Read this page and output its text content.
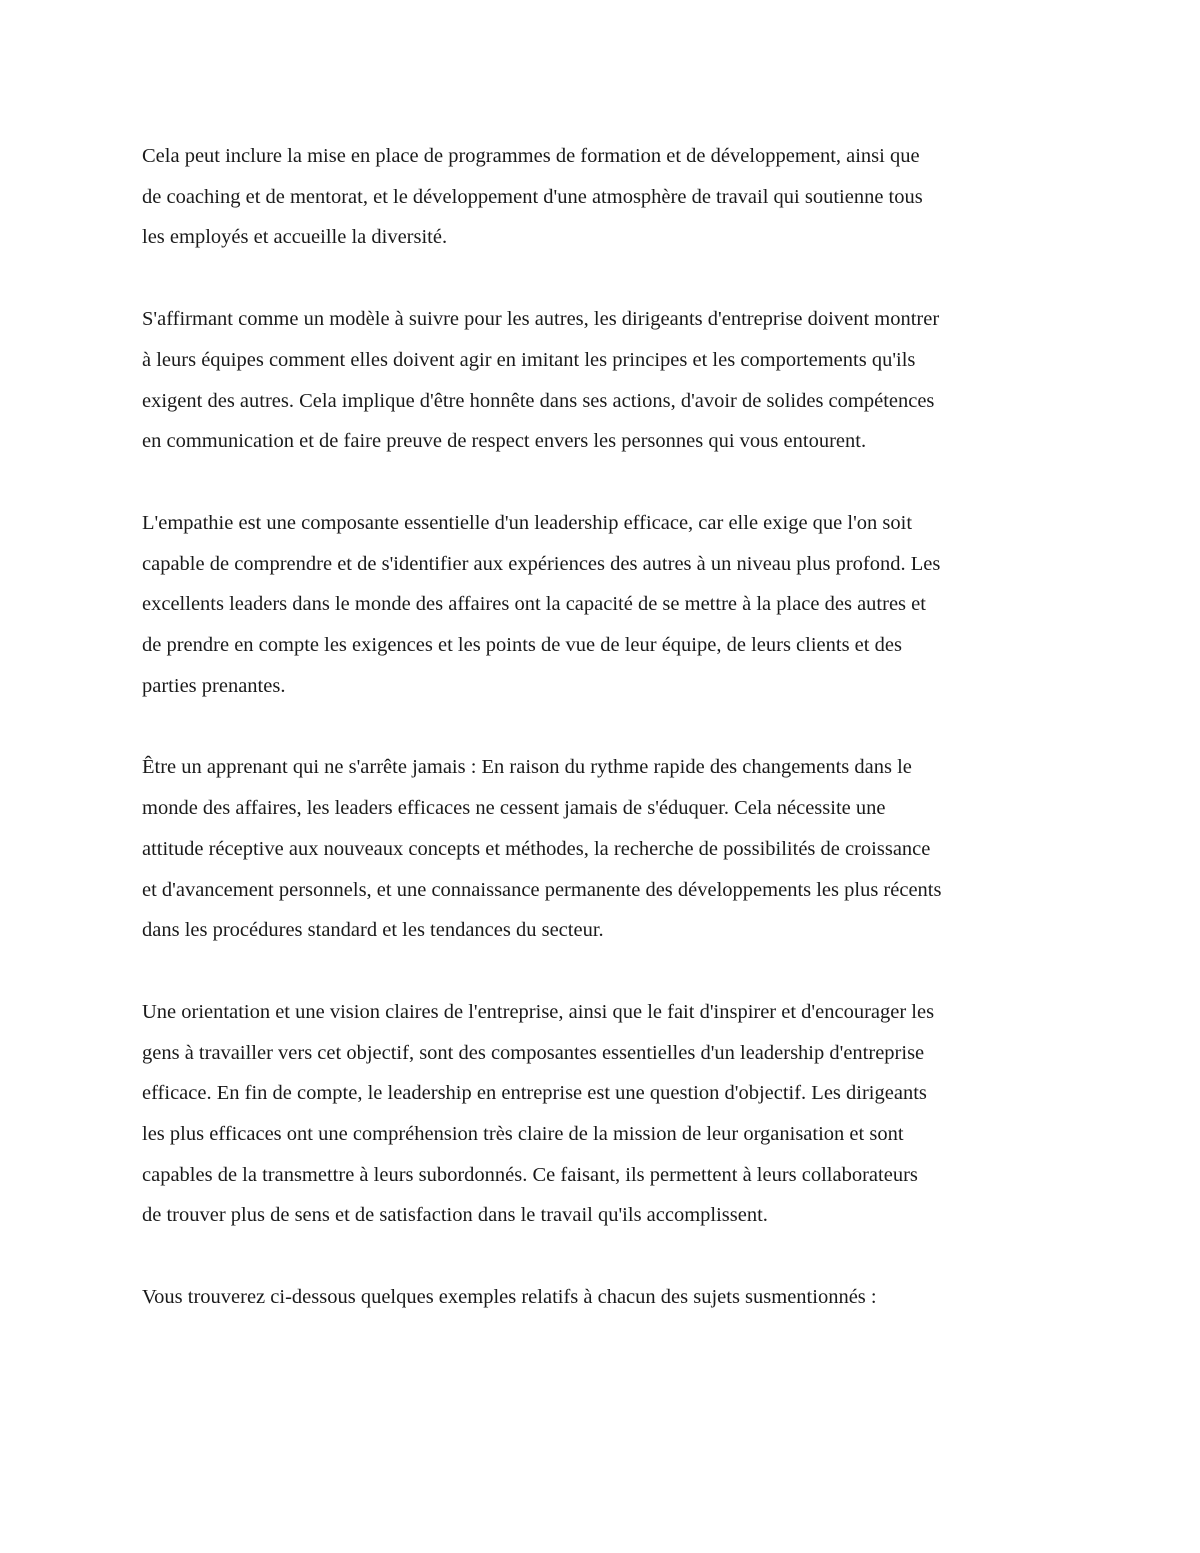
Cela peut inclure la mise en place de programmes de formation et de développement, ainsi que
de coaching et de mentorat, et le développement d'une atmosphère de travail qui soutienne tous
les employés et accueille la diversité.

S'affirmant comme un modèle à suivre pour les autres, les dirigeants d'entreprise doivent montrer
à leurs équipes comment elles doivent agir en imitant les principes et les comportements qu'ils
exigent des autres. Cela implique d'être honnête dans ses actions, d'avoir de solides compétences
en communication et de faire preuve de respect envers les personnes qui vous entourent.

L'empathie est une composante essentielle d'un leadership efficace, car elle exige que l'on soit
capable de comprendre et de s'identifier aux expériences des autres à un niveau plus profond. Les
excellents leaders dans le monde des affaires ont la capacité de se mettre à la place des autres et
de prendre en compte les exigences et les points de vue de leur équipe, de leurs clients et des
parties prenantes.

Être un apprenant qui ne s'arrête jamais : En raison du rythme rapide des changements dans le
monde des affaires, les leaders efficaces ne cessent jamais de s'éduquer. Cela nécessite une
attitude réceptive aux nouveaux concepts et méthodes, la recherche de possibilités de croissance
et d'avancement personnels, et une connaissance permanente des développements les plus récents
dans les procédures standard et les tendances du secteur.

Une orientation et une vision claires de l'entreprise, ainsi que le fait d'inspirer et d'encourager les
gens à travailler vers cet objectif, sont des composantes essentielles d'un leadership d'entreprise
efficace. En fin de compte, le leadership en entreprise est une question d'objectif. Les dirigeants
les plus efficaces ont une compréhension très claire de la mission de leur organisation et sont
capables de la transmettre à leurs subordonnés. Ce faisant, ils permettent à leurs collaborateurs
de trouver plus de sens et de satisfaction dans le travail qu'ils accomplissent.

Vous trouverez ci-dessous quelques exemples relatifs à chacun des sujets susmentionnés :
